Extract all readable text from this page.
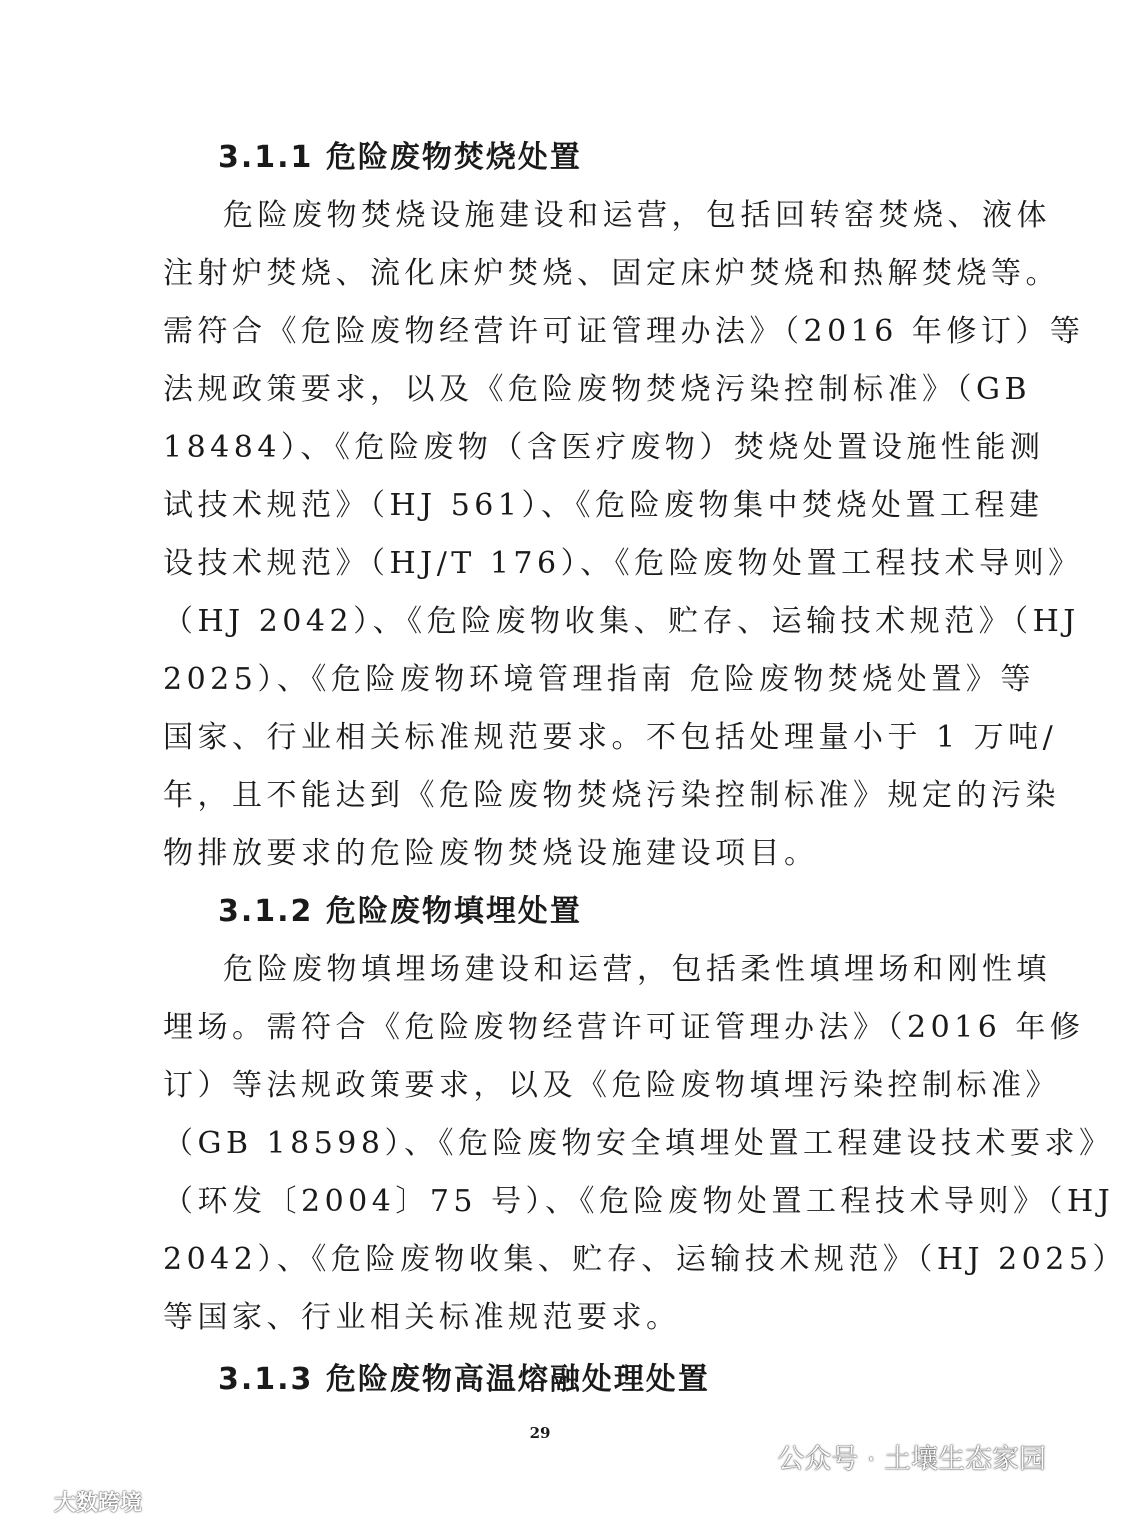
3.1.1 危险废物焚烧处置
危险废物焚烧设施建设和运营，包括回转窑焚烧、液体
注射炉焚烧、流化床炉焚烧、固定床炉焚烧和热解焚烧等。
需符合《危险废物经营许可证管理办法》（2016 年修订）等
法规政策要求，以及《危险废物焚烧污染控制标准》（GB
18484）、《危险废物（含医疗废物）焚烧处置设施性能测
试技术规范》（HJ 561）、《危险废物集中焚烧处置工程建
设技术规范》（HJ/T 176）、《危险废物处置工程技术导则》
（HJ 2042）、《危险废物收集、贮存、运输技术规范》（HJ
2025）、《危险废物环境管理指南 危险废物焚烧处置》等
国家、行业相关标准规范要求。不包括处理量小于 1 万吨/
年，且不能达到《危险废物焚烧污染控制标准》规定的污染
物排放要求的危险废物焚烧设施建设项目。
3.1.2 危险废物填埋处置
危险废物填埋场建设和运营，包括柔性填埋场和刚性填
埋场。需符合《危险废物经营许可证管理办法》（2016 年修
订）等法规政策要求，以及《危险废物填埋污染控制标准》
（GB 18598）、《危险废物安全填埋处置工程建设技术要求》
（环发〔2004〕75 号）、《危险废物处置工程技术导则》（HJ
2042）、《危险废物收集、贮存、运输技术规范》（HJ 2025）
等国家、行业相关标准规范要求。
3.1.3 危险废物高温熔融处理处置
29
公众号 · 土壤生态家园
大数跨境
